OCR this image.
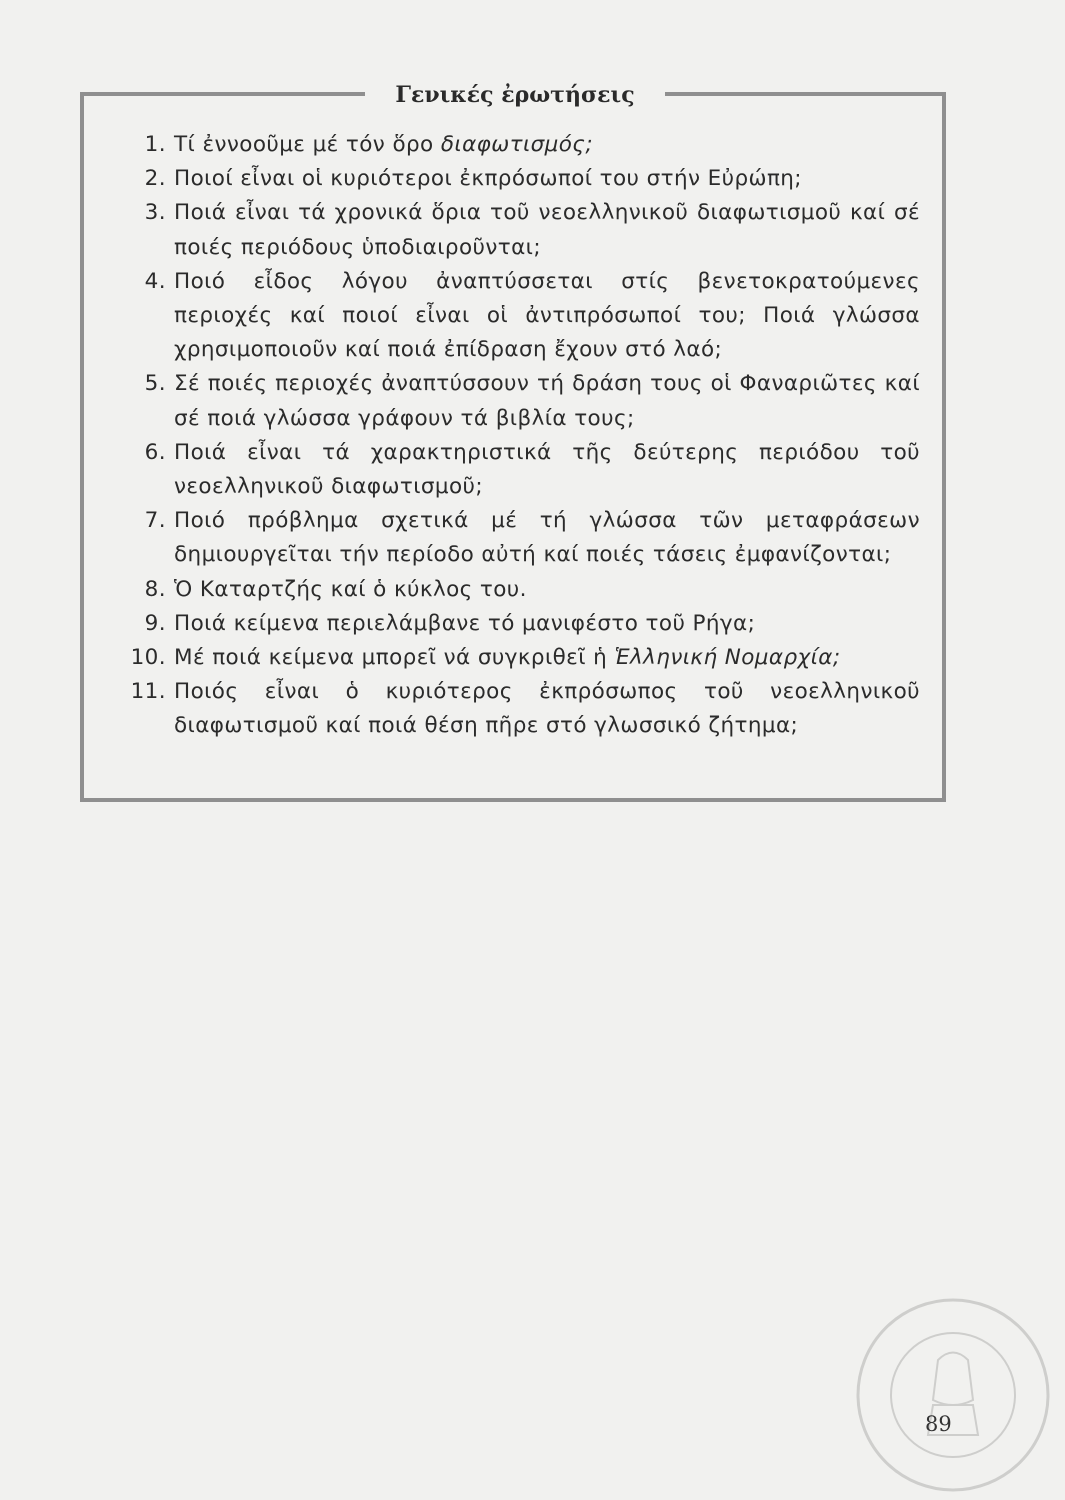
Γενικές ἐρωτήσεις
1. Τί ἐννοοῦμε μέ τόν ὅρο διαφωτισμός;
2. Ποιοί εἶναι οἱ κυριότεροι ἐκπρόσωποί του στήν Εὐρώπη;
3. Ποιά εἶναι τά χρονικά ὅρια τοῦ νεοελληνικοῦ διαφωτισμοῦ καί σέ ποιές περιόδους ὑποδιαιροῦνται;
4. Ποιό εἶδος λόγου ἀναπτύσσεται στίς βενετοκρατούμενες περιοχές καί ποιοί εἶναι οἱ ἀντιπρόσωποί του; Ποιά γλώσσα χρησιμοποιοῦν καί ποιά ἐπίδραση ἔχουν στό λαό;
5. Σέ ποιές περιοχές ἀναπτύσσουν τή δράση τους οἱ Φαναριῶτες καί σέ ποιά γλώσσα γράφουν τά βιβλία τους;
6. Ποιά εἶναι τά χαρακτηριστικά τῆς δεύτερης περιόδου τοῦ νεοελληνικοῦ διαφωτισμοῦ;
7. Ποιό πρόβλημα σχετικά μέ τή γλώσσα τῶν μεταφράσεων δημιουργεῖται τήν περίοδο αὐτή καί ποιές τάσεις ἐμφανίζονται;
8. Ὁ Καταρτζής καί ὁ κύκλος του.
9. Ποιά κείμενα περιελάμβανε τό μανιφέστο τοῦ Ρήγα;
10. Μέ ποιά κείμενα μπορεῖ νά συγκριθεῖ ἡ Ἑλληνική Νομαρχία;
11. Ποιός εἶναι ὁ κυριότερος ἐκπρόσωπος τοῦ νεοελληνικοῦ διαφωτισμοῦ καί ποιά θέση πῆρε στό γλωσσικό ζήτημα;
89
